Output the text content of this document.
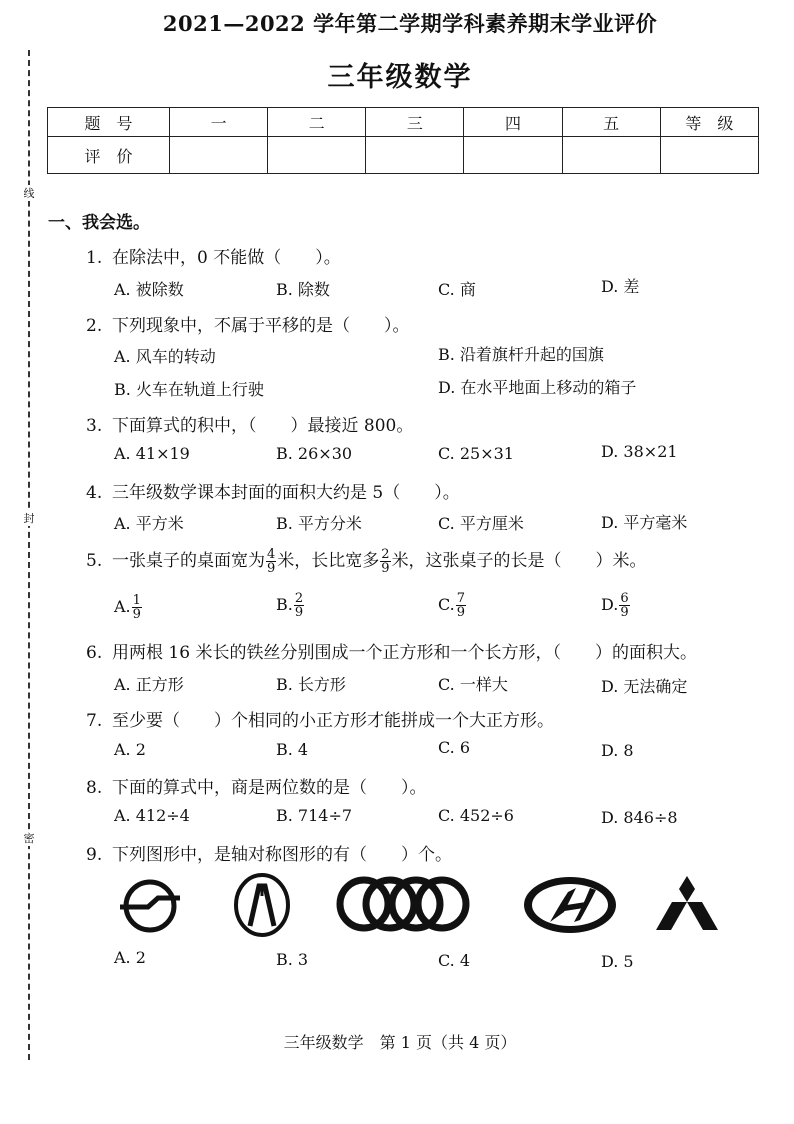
线
封
密
2021—2022 学年第二学期学科素养期末学业评价
三年级数学
题　号	一	二	三	四	五	等　级
评　价						
一、我会选。
1. 在除法中，0 不能做（　　）。
A. 被除数	B. 除数	C. 商	D. 差
2. 下列现象中，不属于平移的是（　　）。
A. 风车的转动	B. 沿着旗杆升起的国旗
B. 火车在轨道上行驶	D. 在水平地面上移动的箱子
3. 下面算式的积中，（　　）最接近 800。
A. 41×19	B. 26×30	C. 25×31	D. 38×21
4. 三年级数学课本封面的面积大约是 5（　　）。
A. 平方米	B. 平方分米	C. 平方厘米	D. 平方毫米
5. 一张桌子的桌面宽为 $\frac{4}{9}$ 米，长比宽多 $\frac{2}{9}$ 米，这张桌子的长是（　　）米。
A. $\frac{1}{9}$	B. $\frac{2}{9}$	C. $\frac{7}{9}$	D. $\frac{6}{9}$
6. 用两根 16 米长的铁丝分别围成一个正方形和一个长方形，（　　）的面积大。
A. 正方形	B. 长方形	C. 一样大	D. 无法确定
7. 至少要（　　）个相同的小正方形才能拼成一个大正方形。
A. 2	B. 4	C. 6	D. 8
8. 下面的算式中，商是两位数的是（　　）。
A. 412÷4	B. 714÷7	C. 452÷6	D. 846÷8
9. 下列图形中，是轴对称图形的有（　　）个。
A. 2	B. 3	C. 4	D. 5
三年级数学　第 1 页（共 4 页）
